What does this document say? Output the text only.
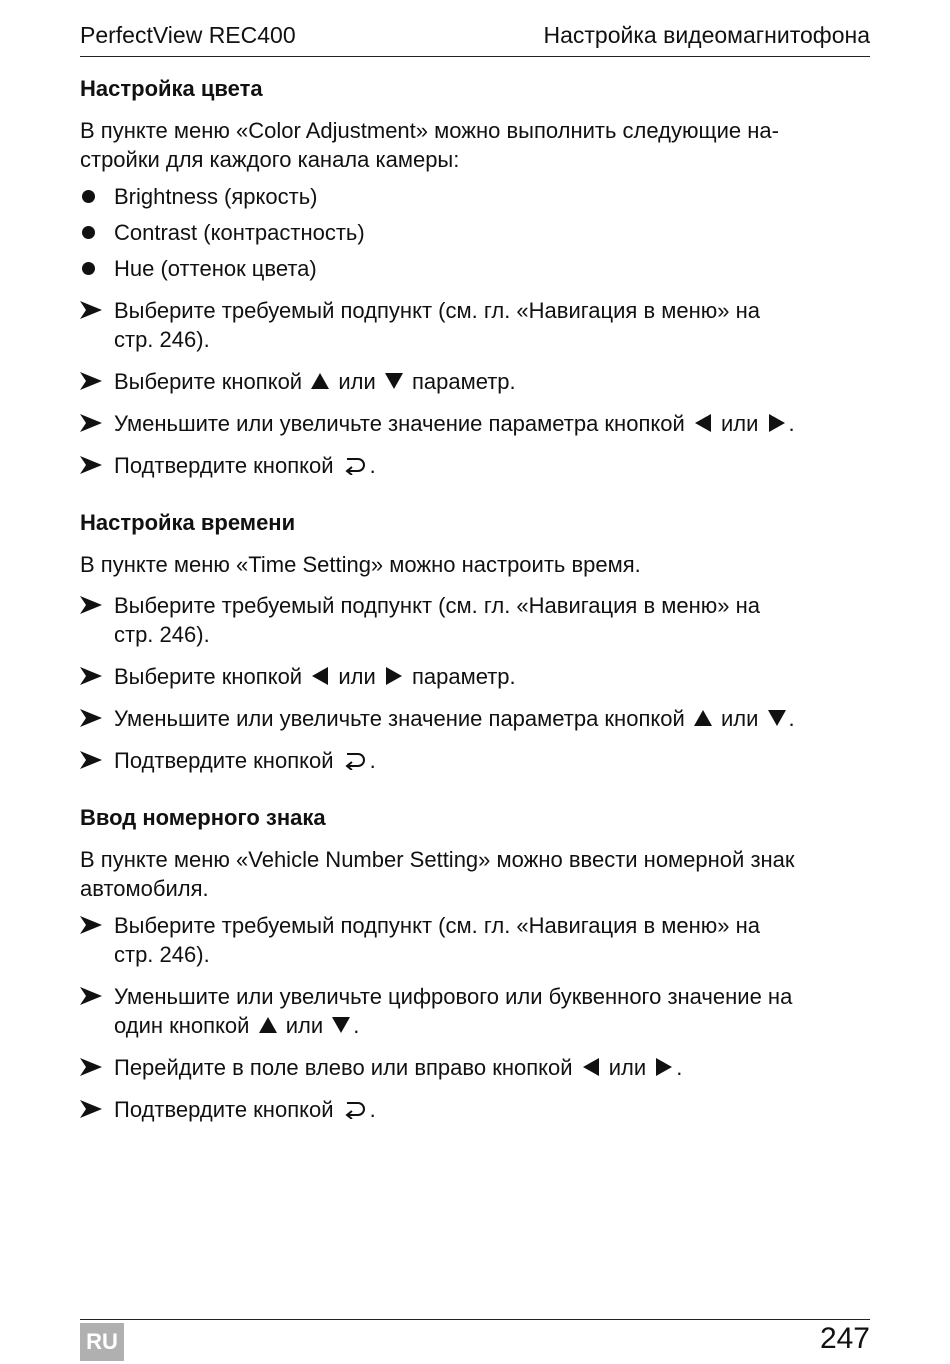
PerfectView REC400	Настройка видеомагнитофона
Настройка цвета

В пункте меню «Color Adjustment» можно выполнить следующие на-
стройки для каждого канала камеры:

Brightness (яркость)
Contrast (контрастность)
Hue (оттенок цвета)
Выберите требуемый подпункт (см. гл. «Навигация в меню» на
стр. 246).
Выберите кнопкой  или  параметр.
Уменьшите или увеличьте значение параметра кнопкой  или .
Подтвердите кнопкой .
Настройка времени

В пункте меню «Time Setting» можно настроить время.

Выберите требуемый подпункт (см. гл. «Навигация в меню» на
стр. 246).
Выберите кнопкой  или  параметр.
Уменьшите или увеличьте значение параметра кнопкой  или .
Подтвердите кнопкой .
Ввод номерного знака

В пункте меню «Vehicle Number Setting» можно ввести номерной знак
автомобиля.

Выберите требуемый подпункт (см. гл. «Навигация в меню» на
стр. 246).
Уменьшите или увеличьте цифрового или буквенного значение на
один кнопкой  или .
Перейдите в поле влево или вправо кнопкой  или .
Подтвердите кнопкой .
RU	247
